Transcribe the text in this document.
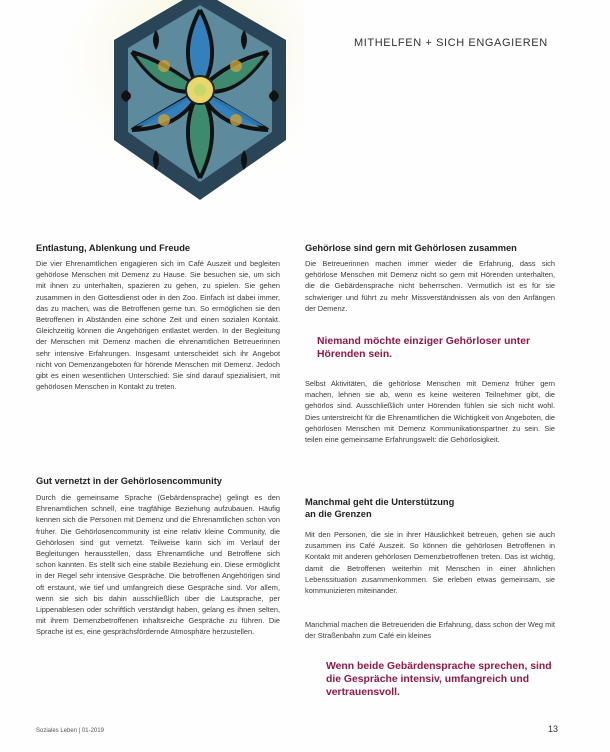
MITHELFEN + SICH ENGAGIEREN
Entlastung, Ablenkung und Freude

Die vier Ehrenamtlichen engagieren sich im Café Auszeit und begleiten gehörlose Menschen mit Demenz zu Hause. Sie besuchen sie, um sich mit ihnen zu unterhalten, spazieren zu gehen, zu spielen. Sie gehen zusammen in den Gottesdienst oder in den Zoo. Einfach ist dabei immer, das zu machen, was die Betroffenen gerne tun. So ermöglichen sie den Betroffenen in Abständen eine schöne Zeit und einen sozialen Kontakt. Gleichzeitig können die Angehörigen entlastet werden. In der Begleitung der Menschen mit Demenz machen die ehrenamtlichen Betreuerinnen sehr intensive Erfahrungen. Insgesamt unterscheidet sich ihr Angebot nicht von Demenzangeboten für hörende Menschen mit Demenz. Jedoch gibt es einen wesentlichen Unterschied: Sie sind darauf spezialisiert, mit gehörlosen Menschen in Kontakt zu treten.

Gut vernetzt in der Gehörlosencommunity

Durch die gemeinsame Sprache (Gebärdensprache) gelingt es den Ehrenamtlichen schnell, eine tragfähige Beziehung aufzubauen. Häufig kennen sich die Personen mit Demenz und die Ehrenamtlichen schon von früher. Die Gehörlosencommunity ist eine relativ kleine Community, die Gehörlosen sind gut vernetzt. Teilweise kann sich im Verlauf der Begleitungen herausstellen, dass Ehrenamtliche und Betroffene sich schon kannten. Es stellt sich eine stabile Beziehung ein. Diese ermöglicht in der Regel sehr intensive Gespräche. Die betroffenen Angehörigen sind oft erstaunt, wie tief und umfangreich diese Gespräche sind. Vor allem, wenn sie sich bis dahin ausschließlich über die Lautsprache, per Lippenablesen oder schriftlich verständigt haben, gelang es ihnen selten, mit ihrem Demenzbetroffenen inhaltsreiche Gespräche zu führen. Die Sprache ist es, eine gesprächsfördernde Atmosphäre herzustellen.

Gehörlose sind gern mit Gehörlosen zusammen

Die Betreuerinnen machen immer wieder die Erfahrung, dass sich gehörlose Menschen mit Demenz nicht so gern mit Hörenden unterhalten, die die Gebärdensprache nicht beherrschen. Vermutlich ist es für sie schwieriger und führt zu mehr Missverständnissen als von den Anfängen der Demenz.

Niemand möchte einziger Gehörloser unter Hörenden sein.

Selbst Aktivitäten, die gehörlose Menschen mit Demenz früher gern machen, lehnen sie ab, wenn es keine weiteren Teilnehmer gibt, die gehörlos sind. Ausschließlich unter Hörenden fühlen sie sich nicht wohl. Dies unterstreicht für die Ehrenamtlichen die Wichtigkeit von Angeboten, die gehörlosen Menschen mit Demenz Kommunikationspartner zu sein. Sie teilen eine gemeinsame Erfahrungswelt: die Gehörlosigkeit.

Manchmal geht die Unterstützung
an die Grenzen

Mit den Personen, die sie in ihrer Häuslichkeit betreuen, gehen sie auch zusammen ins Café Auszeit. So können die gehörlosen Betroffenen in Kontakt mit anderen gehörlosen Demenzbetroffenen treten. Das ist wichtig, damit die Betroffenen weiterhin mit Menschen in einer ähnlichen Lebenssituation zusammenkommen. Sie erleben etwas gemeinsam, sie kommunizieren miteinander.

Manchmal machen die Betreuenden die Erfahrung, dass schon der Weg mit der Straßenbahn zum Café ein kleines

Wenn beide Gebärdensprache sprechen, sind die Gespräche intensiv, umfangreich und vertrauensvoll.

Soziales Leben | 01-2019	13
